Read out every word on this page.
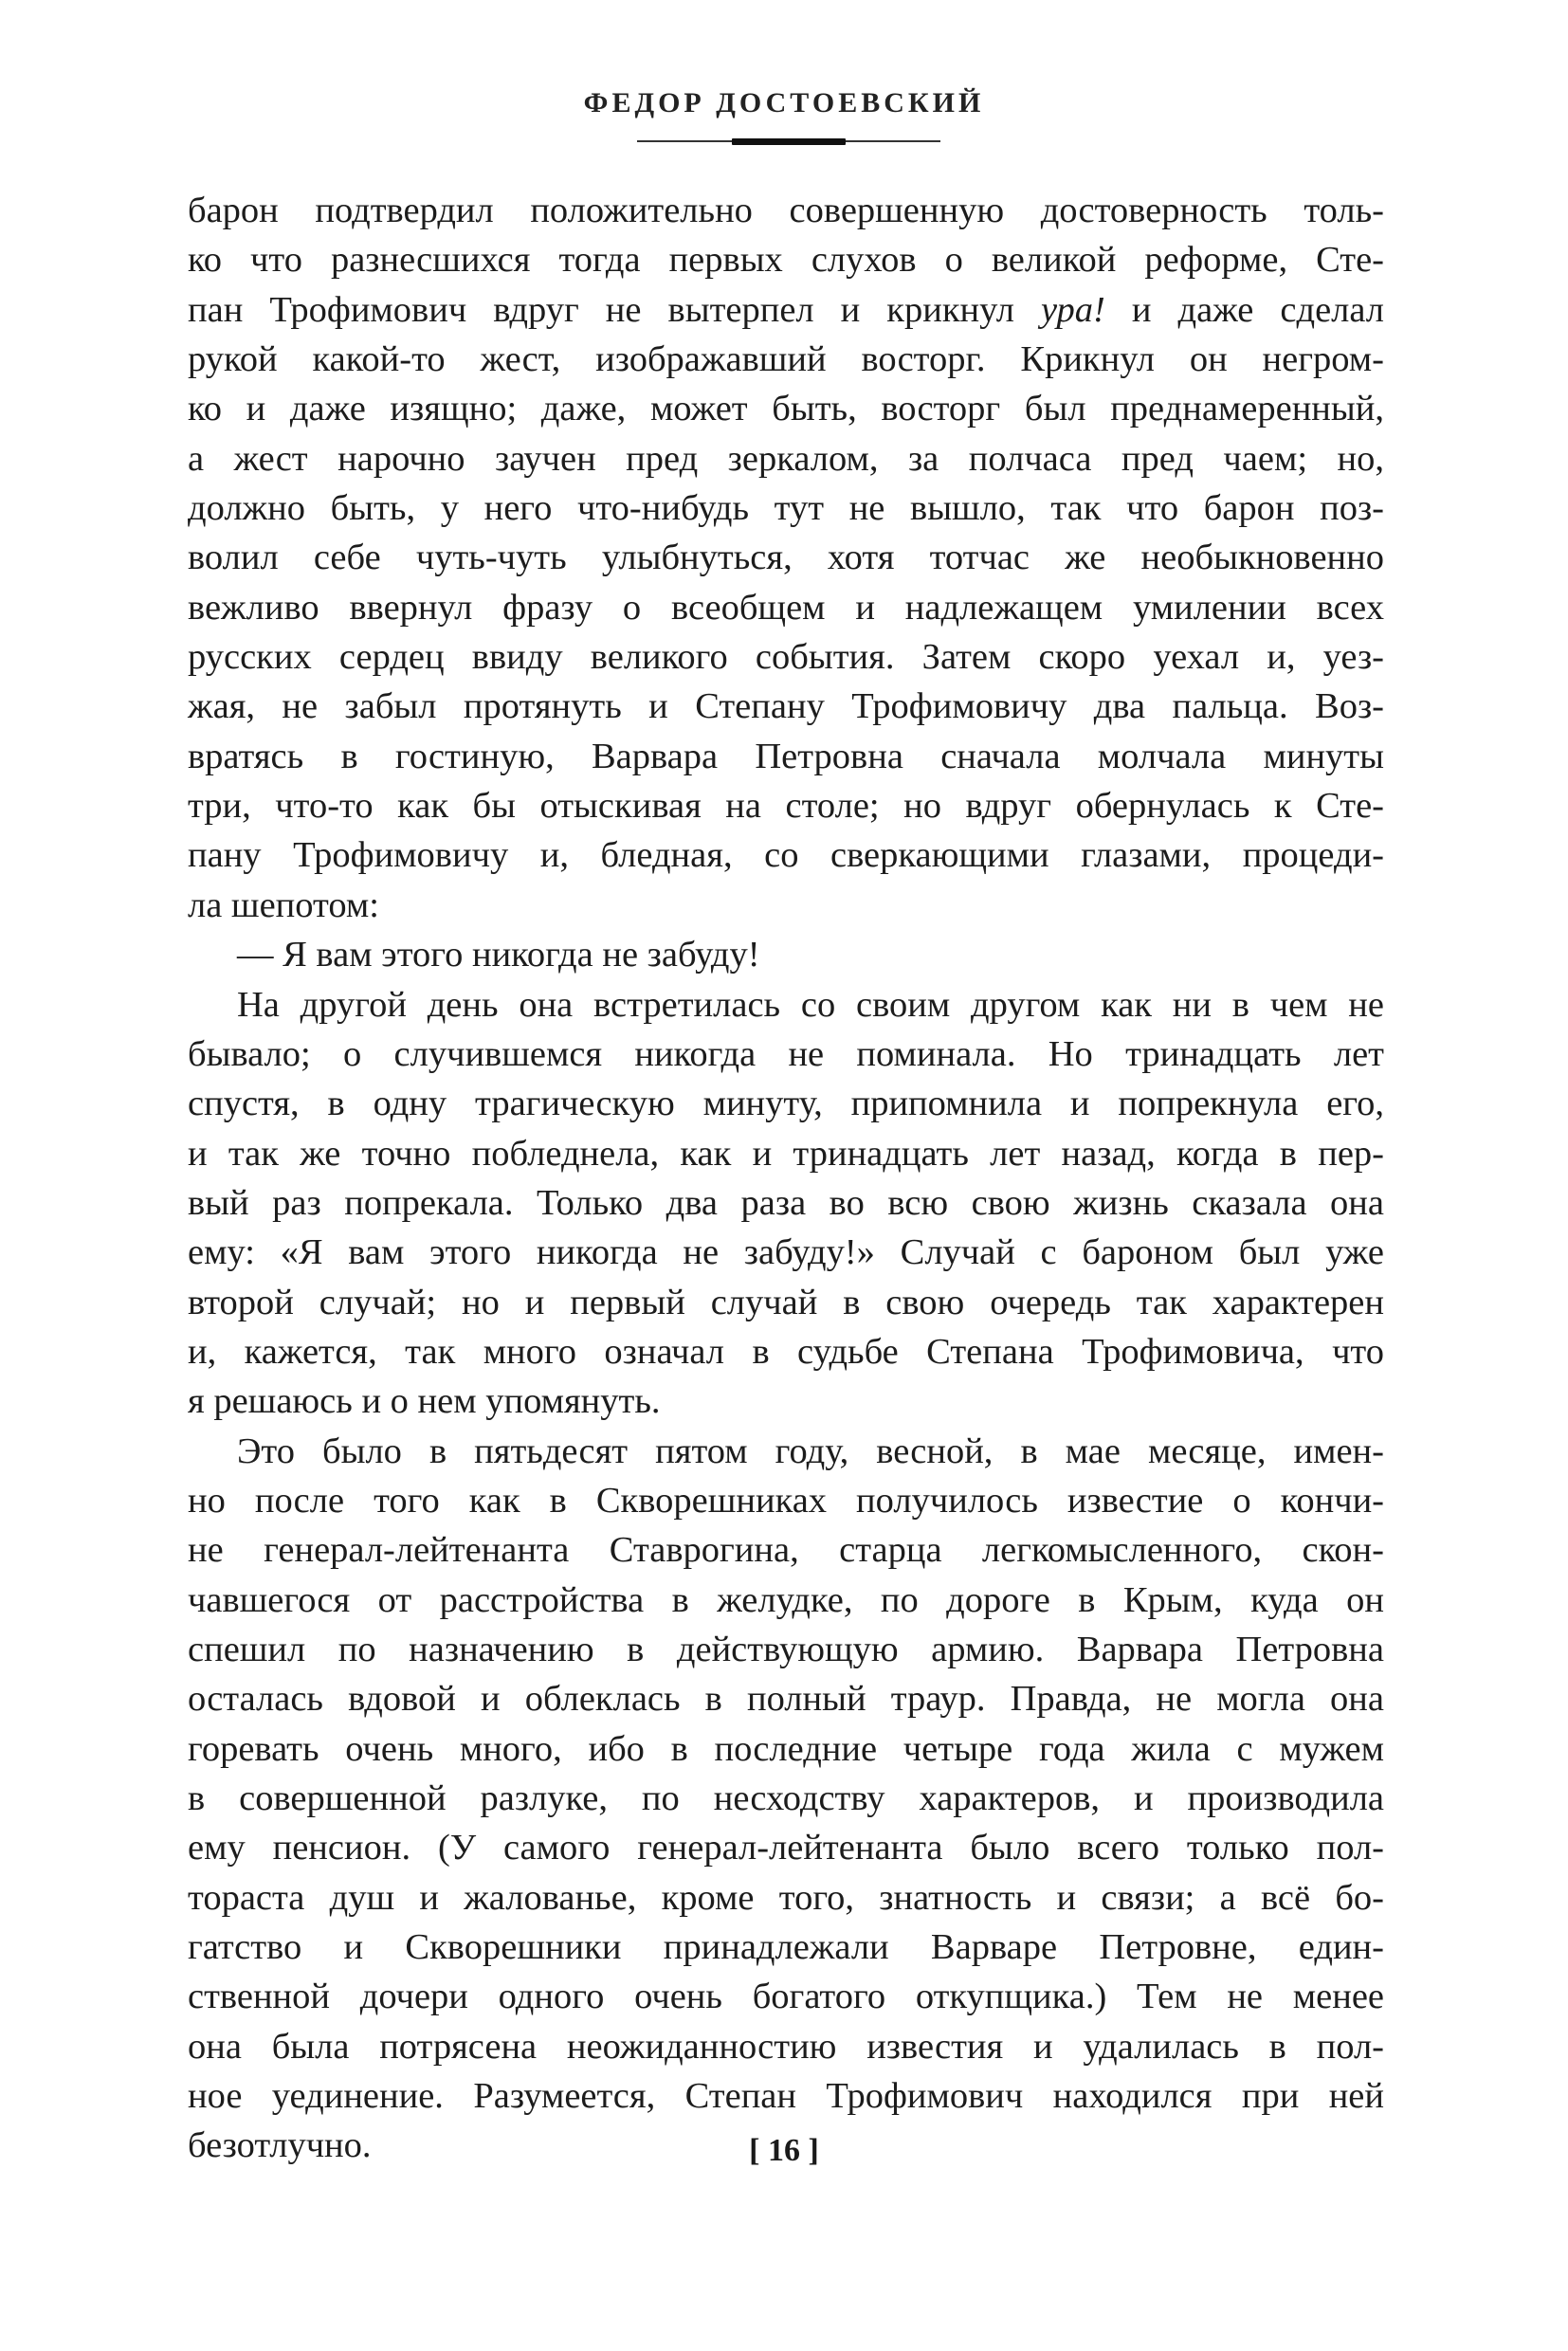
ФЕДОР ДОСТОЕВСКИЙ
барон подтвердил положительно совершенную достоверность толь-
ко что разнесшихся тогда первых слухов о великой реформе, Сте-
пан Трофимович вдруг не вытерпел и крикнул ура! и даже сделал
рукой какой-то жест, изображавший восторг. Крикнул он негром-
ко и даже изящно; даже, может быть, восторг был преднамеренный,
а жест нарочно заучен пред зеркалом, за полчаса пред чаем; но,
должно быть, у него что-нибудь тут не вышло, так что барон поз-
волил себе чуть-чуть улыбнуться, хотя тотчас же необыкновенно
вежливо ввернул фразу о всеобщем и надлежащем умилении всех
русских сердец ввиду великого события. Затем скоро уехал и, уез-
жая, не забыл протянуть и Степану Трофимовичу два пальца. Воз-
вратясь в гостиную, Варвара Петровна сначала молчала минуты
три, что-то как бы отыскивая на столе; но вдруг обернулась к Сте-
пану Трофимовичу и, бледная, со сверкающими глазами, процеди-
ла шепотом:
— Я вам этого никогда не забуду!
На другой день она встретилась со своим другом как ни в чем не
бывало; о случившемся никогда не поминала. Но тринадцать лет
спустя, в одну трагическую минуту, припомнила и попрекнула его,
и так же точно побледнела, как и тринадцать лет назад, когда в пер-
вый раз попрекала. Только два раза во всю свою жизнь сказала она
ему: «Я вам этого никогда не забуду!» Случай с бароном был уже
второй случай; но и первый случай в свою очередь так характерен
и, кажется, так много означал в судьбе Степана Трофимовича, что
я решаюсь и о нем упомянуть.
Это было в пятьдесят пятом году, весной, в мае месяце, имен-
но после того как в Скворешниках получилось известие о кончи-
не генерал-лейтенанта Ставрогина, старца легкомысленного, скон-
чавшегося от расстройства в желудке, по дороге в Крым, куда он
спешил по назначению в действующую армию. Варвара Петровна
осталась вдовой и облеклась в полный траур. Правда, не могла она
горевать очень много, ибо в последние четыре года жила с мужем
в совершенной разлуке, по несходству характеров, и производила
ему пенсион. (У самого генерал-лейтенанта было всего только пол-
тораста душ и жалованье, кроме того, знатность и связи; а всё бо-
гатство и Скворешники принадлежали Варваре Петровне, един-
ственной дочери одного очень богатого откупщика.) Тем не менее
она была потрясена неожиданностию известия и удалилась в пол-
ное уединение. Разумеется, Степан Трофимович находился при ней
безотлучно.	[ 16 ]
